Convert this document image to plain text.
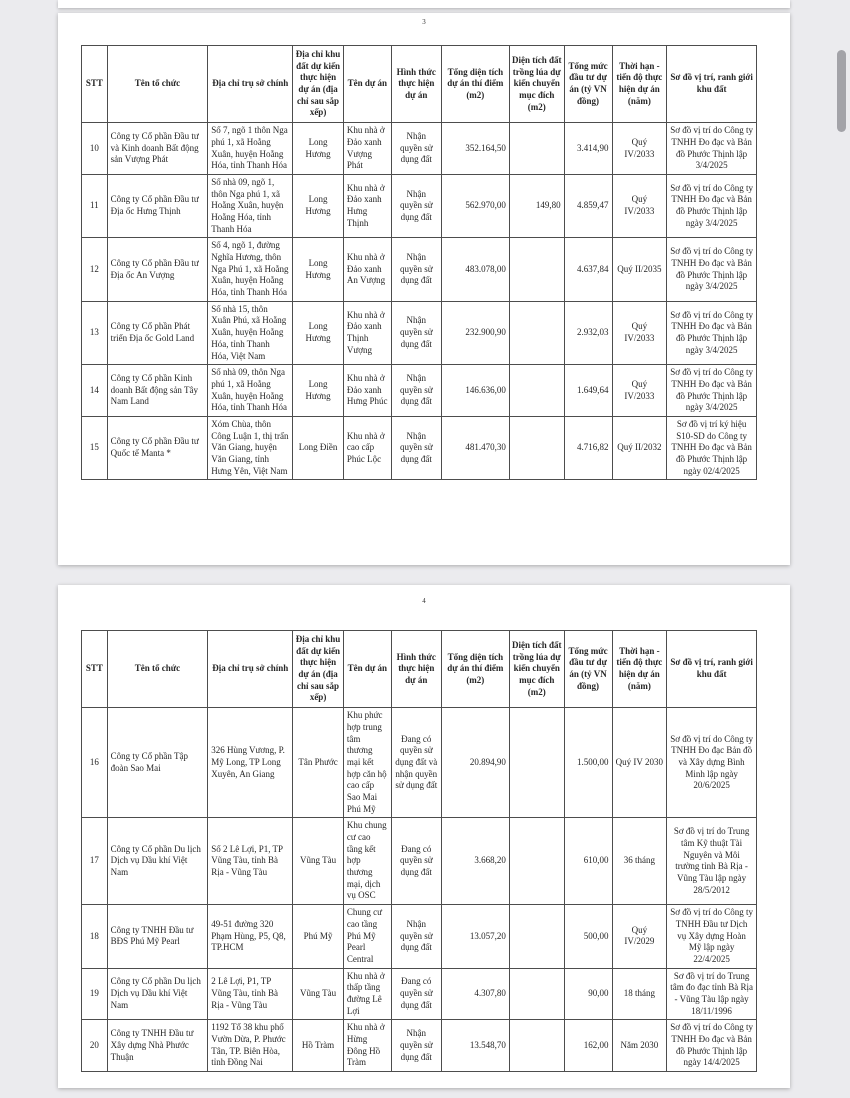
3
STT	Tên tổ chức	Địa chỉ trụ sở chính	Địa chỉ khu đất dự kiến thực hiện dự án (địa chỉ sau sắp xếp)	Tên dự án	Hình thức thực hiện dự án	Tổng diện tích dự án thí điểm (m2)	Diện tích đất trồng lúa dự kiến chuyển mục đích (m2)	Tổng mức đầu tư dự án (tỷ VN đồng)	Thời hạn - tiến độ thực hiện dự án (năm)	Sơ đồ vị trí, ranh giới khu đất
10	Công ty Cổ phần Đầu tư và Kinh doanh Bất động sản Vượng Phát	Số 7, ngõ 1 thôn Nga phú 1, xã Hoằng Xuân, huyện Hoằng Hóa, tỉnh Thanh Hóa	Long Hương	Khu nhà ở Đảo xanh Vượng Phát	Nhận quyền sử dụng đất	352.164,50		3.414,90	Quý IV/2033	Sơ đồ vị trí do Công ty TNHH Đo đạc và Bản đồ Phước Thịnh lập 3/4/2025
11	Công ty Cổ phần Đầu tư Địa ốc Hưng Thịnh	Số nhà 09, ngõ 1, thôn Nga phú 1, xã Hoằng Xuân, huyện Hoằng Hóa, tỉnh Thanh Hóa	Long Hương	Khu nhà ở Đảo xanh Hưng Thịnh	Nhận quyền sử dụng đất	562.970,00	149,80	4.859,47	Quý IV/2033	Sơ đồ vị trí do Công ty TNHH Đo đạc và Bản đồ Phước Thịnh lập ngày 3/4/2025
12	Công ty Cổ phần Đầu tư Địa ốc An Vượng	Số 4, ngõ 1, đường Nghĩa Hương, thôn Nga Phú 1, xã Hoằng Xuân, huyện Hoằng Hóa, tỉnh Thanh Hóa	Long Hương	Khu nhà ở Đảo xanh An Vượng	Nhận quyền sử dụng đất	483.078,00		4.637,84	Quý II/2035	Sơ đồ vị trí do Công ty TNHH Đo đạc và Bản đồ Phước Thịnh lập ngày 3/4/2025
13	Công ty Cổ phần Phát triển Địa ốc Gold Land	Số nhà 15, thôn Xuân Phú, xã Hoằng Xuân, huyện Hoằng Hóa, tỉnh Thanh Hóa, Việt Nam	Long Hương	Khu nhà ở Đảo xanh Thịnh Vượng	Nhận quyền sử dụng đất	232.900,90		2.932,03	Quý IV/2033	Sơ đồ vị trí do Công ty TNHH Đo đạc và Bản đồ Phước Thịnh lập ngày 3/4/2025
14	Công ty Cổ phần Kinh doanh Bất động sản Tây Nam Land	Số nhà 09, thôn Nga phú 1, xã Hoằng Xuân, huyện Hoằng Hóa, tỉnh Thanh Hóa	Long Hương	Khu nhà ở Đảo xanh Hưng Phúc	Nhận quyền sử dụng đất	146.636,00		1.649,64	Quý IV/2033	Sơ đồ vị trí do Công ty TNHH Đo đạc và Bản đồ Phước Thịnh lập ngày 3/4/2025
15	Công ty Cổ phần Đầu tư Quốc tế Manta *	Xóm Chùa, thôn Công Luận 1, thị trấn Văn Giang, huyện Văn Giang, tỉnh Hưng Yên, Việt Nam	Long Điền	Khu nhà ở cao cấp Phúc Lộc	Nhận quyền sử dụng đất	481.470,30		4.716,82	Quý II/2032	Sơ đồ vị trí ký hiệu S10-SD do Công ty TNHH Đo đạc và Bản đồ Phước Thịnh lập ngày 02/4/2025
4
STT	Tên tổ chức	Địa chỉ trụ sở chính	Địa chỉ khu đất dự kiến thực hiện dự án (địa chỉ sau sắp xếp)	Tên dự án	Hình thức thực hiện dự án	Tổng diện tích dự án thí điểm (m2)	Diện tích đất trồng lúa dự kiến chuyển mục đích (m2)	Tổng mức đầu tư dự án (tỷ VN đồng)	Thời hạn - tiến độ thực hiện dự án (năm)	Sơ đồ vị trí, ranh giới khu đất
16	Công ty Cổ phần Tập đoàn Sao Mai	326 Hùng Vương, P. Mỹ Long, TP Long Xuyên, An Giang	Tân Phước	Khu phức hợp trung tâm thương mại kết hợp căn hộ cao cấp Sao Mai Phú Mỹ	Đang có quyền sử dụng đất và nhận quyền sử dụng đất	20.894,90		1.500,00	Quý IV 2030	Sơ đồ vị trí do Công ty TNHH Đo đạc Bản đồ và Xây dựng Bình Minh lập ngày 20/6/2025
17	Công ty Cổ phần Du lịch Dịch vụ Dầu khí Việt Nam	Số 2 Lê Lợi, P1, TP Vũng Tàu, tỉnh Bà Rịa - Vũng Tàu	Vũng Tàu	Khu chung cư cao tầng kết hợp thương mại, dịch vụ OSC	Đang có quyền sử dụng đất	3.668,20		610,00	36 tháng	Sơ đồ vị trí do Trung tâm Kỹ thuật Tài Nguyên và Môi trường tỉnh Bà Rịa - Vũng Tàu lập ngày 28/5/2012
18	Công ty TNHH Đầu tư BĐS Phú Mỹ Pearl	49-51 đường 320 Phạm Hùng, P5, Q8, TP.HCM	Phú Mỹ	Chung cư cao tầng Phú Mỹ Pearl Central	Nhận quyền sử dụng đất	13.057,20		500,00	Quý IV/2029	Sơ đồ vị trí do Công ty TNHH Đầu tư Dịch vụ Xây dựng Hoàn Mỹ lập ngày 22/4/2025
19	Công ty Cổ phần Du lịch Dịch vụ Dầu khí Việt Nam	2 Lê Lợi, P1, TP Vũng Tàu, tỉnh Bà Rịa - Vũng Tàu	Vũng Tàu	Khu nhà ở thấp tầng đường Lê Lợi	Đang có quyền sử dụng đất	4.307,80		90,00	18 tháng	Sơ đồ vị trí do Trung tâm đo đạc tỉnh Bà Rịa - Vũng Tàu lập ngày 18/11/1996
20	Công ty TNHH Đầu tư Xây dựng Nhà Phước Thuận	1192 Tổ 38 khu phố Vườn Dừa, P. Phước Tân, TP. Biên Hòa, tỉnh Đồng Nai	Hồ Tràm	Khu nhà ở Hừng Đông Hồ Tràm	Nhận quyền sử dụng đất	13.548,70		162,00	Năm 2030	Sơ đồ vị trí do Công ty TNHH Đo đạc và Bản đồ Phước Thịnh lập ngày 14/4/2025
